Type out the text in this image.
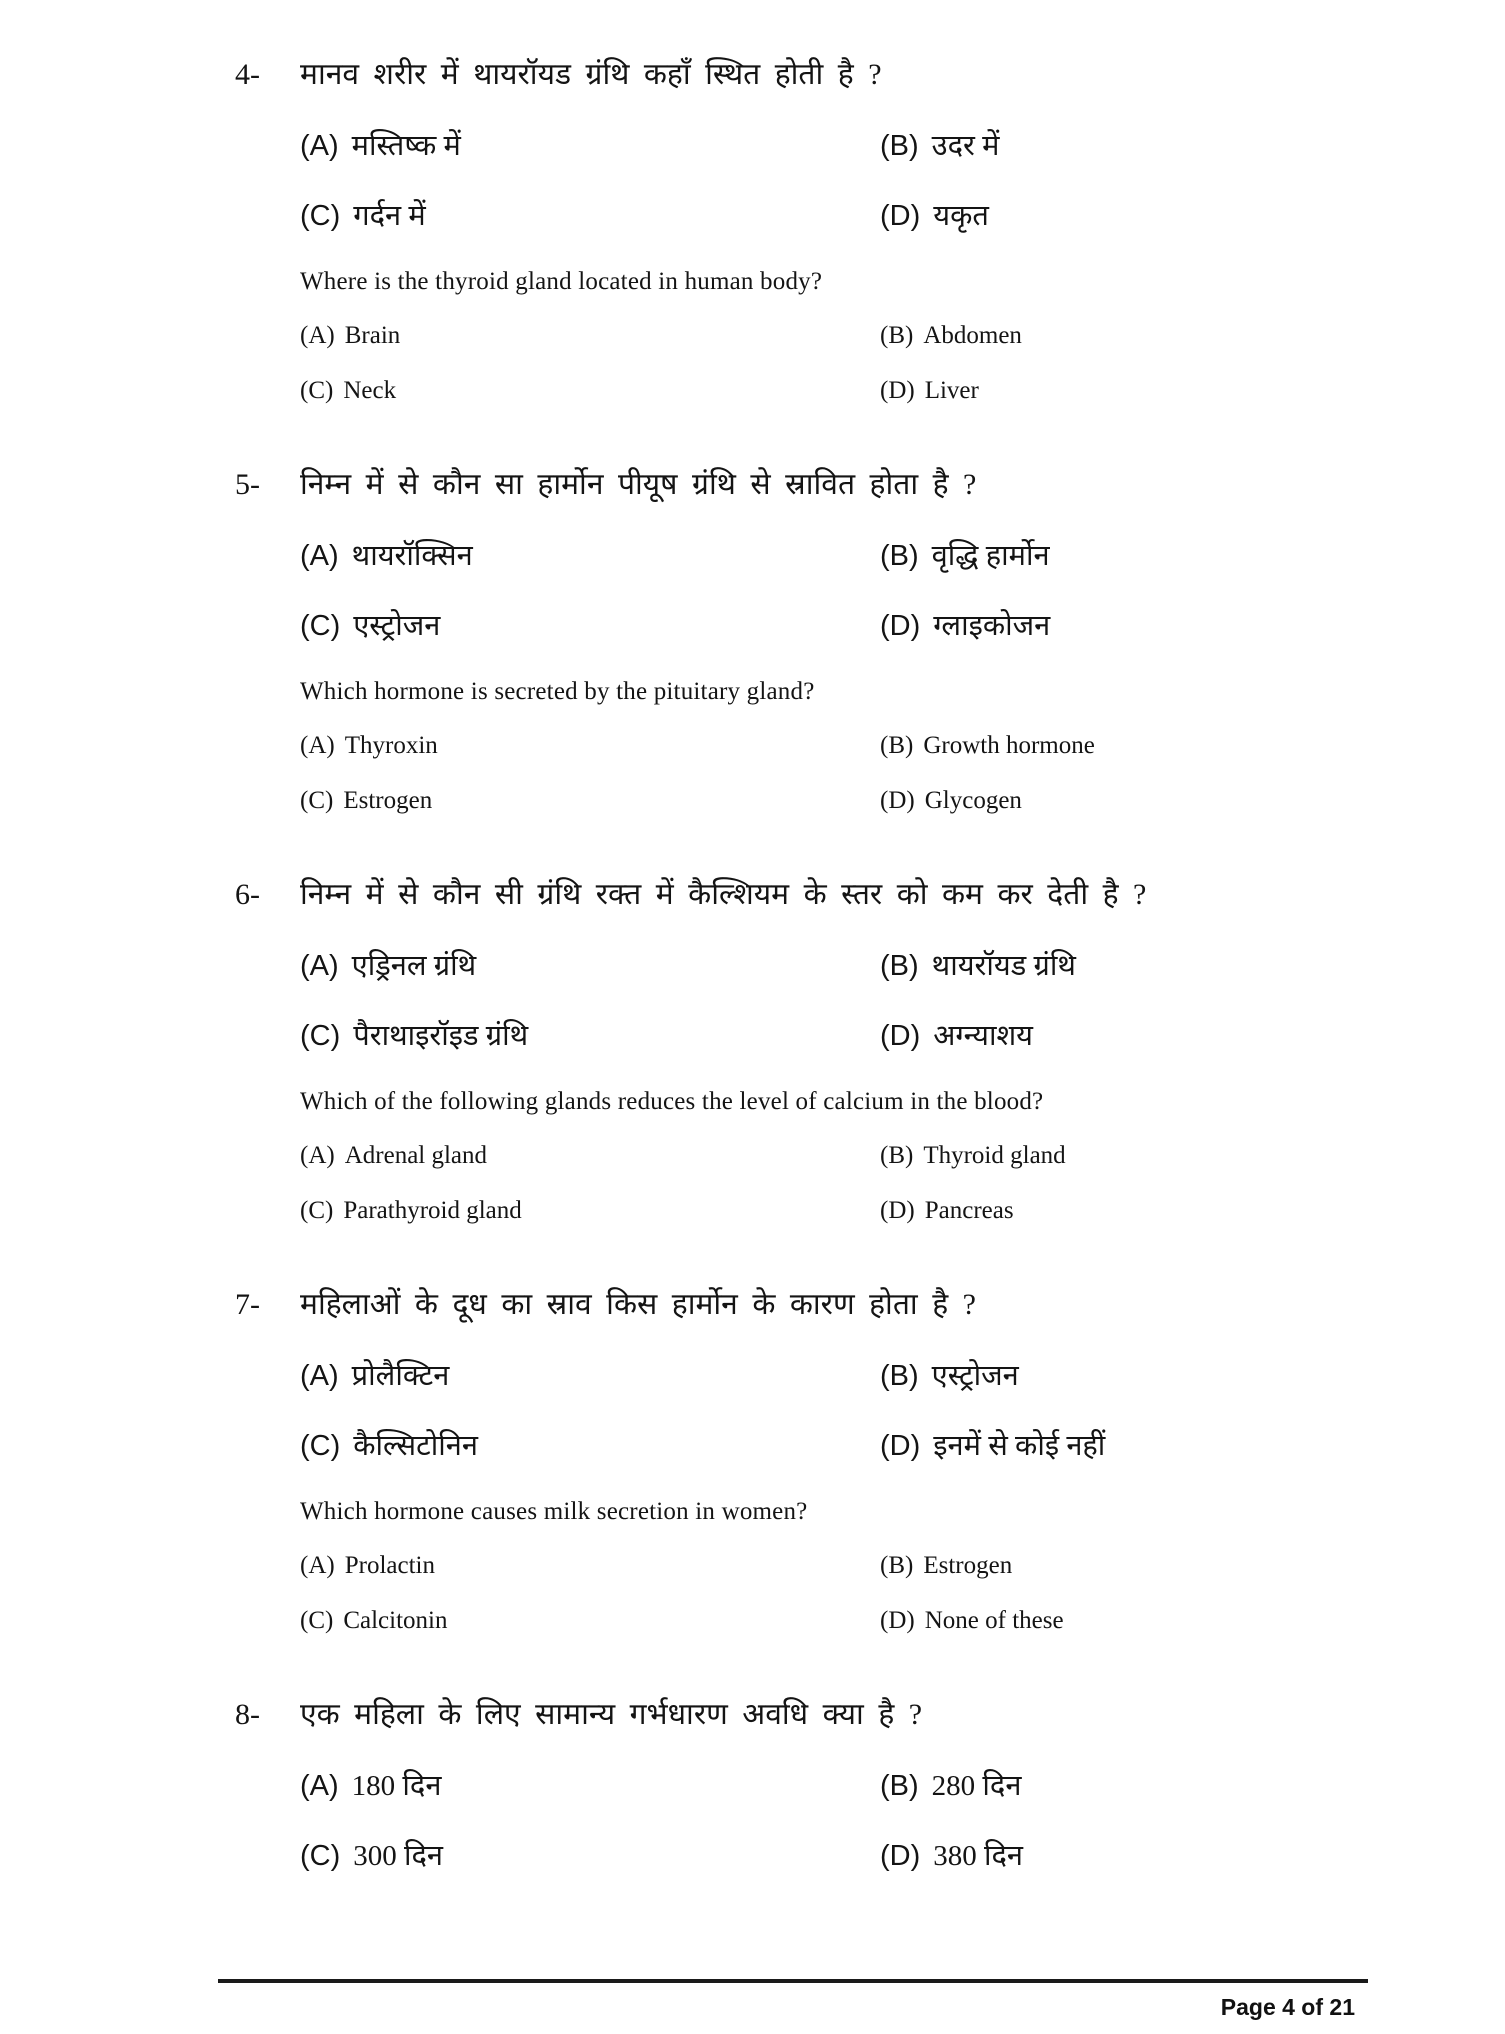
4-	मानव शरीर में थायरॉयड ग्रंथि कहाँ स्थित होती है ?
(A) मस्तिष्क में	(B) उदर में
(C) गर्दन में	(D) यकृत
Where is the thyroid gland located in human body?
(A) Brain	(B) Abdomen
(C) Neck	(D) Liver
5-	निम्न में से कौन सा हार्मोन पीयूष ग्रंथि से स्रावित होता है ?
(A) थायरॉक्सिन	(B) वृद्धि हार्मोन
(C) एस्ट्रोजन	(D) ग्लाइकोजन
Which hormone is secreted by the pituitary gland?
(A) Thyroxin	(B) Growth hormone
(C) Estrogen	(D) Glycogen
6-	निम्न में से कौन सी ग्रंथि रक्त में कैल्शियम के स्तर को कम कर देती है ?
(A) एड्रिनल ग्रंथि	(B) थायरॉयड ग्रंथि
(C) पैराथाइरॉइड ग्रंथि	(D) अग्न्याशय
Which of the following glands reduces the level of calcium in the blood?
(A) Adrenal gland	(B) Thyroid gland
(C) Parathyroid gland	(D) Pancreas
7-	महिलाओं के दूध का स्राव किस हार्मोन के कारण होता है ?
(A) प्रोलैक्टिन	(B) एस्ट्रोजन
(C) कैल्सिटोनिन	(D) इनमें से कोई नहीं
Which hormone causes milk secretion in women?
(A) Prolactin	(B) Estrogen
(C) Calcitonin	(D) None of these
8-	एक महिला के लिए सामान्य गर्भधारण अवधि क्या है ?
(A) 180 दिन	(B) 280 दिन
(C) 300 दिन	(D) 380 दिन
Page 4 of 21
